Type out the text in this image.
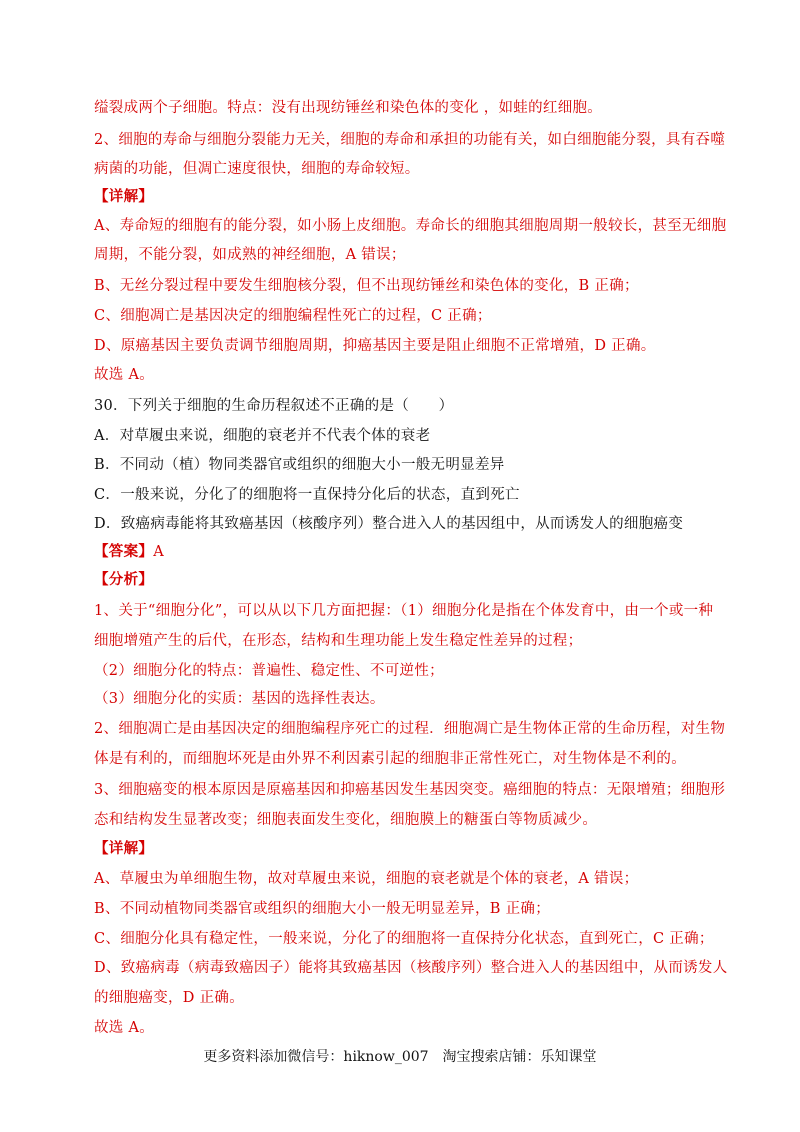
缢裂成两个子细胞。特点：没有出现纺锤丝和染色体的变化 ，如蛙的红细胞。
2、细胞的寿命与细胞分裂能力无关，细胞的寿命和承担的功能有关，如白细胞能分裂，具有吞噬
病菌的功能，但凋亡速度很快，细胞的寿命较短。
【详解】
A、寿命短的细胞有的能分裂，如小肠上皮细胞。寿命长的细胞其细胞周期一般较长，甚至无细胞
周期，不能分裂，如成熟的神经细胞，A 错误；
B、无丝分裂过程中要发生细胞核分裂，但不出现纺锤丝和染色体的变化，B 正确；
C、细胞凋亡是基因决定的细胞编程性死亡的过程，C 正确；
D、原癌基因主要负责调节细胞周期，抑癌基因主要是阻止细胞不正常增殖，D 正确。
故选 A。
30．下列关于细胞的生命历程叙述不正确的是（　　）
A．对草履虫来说，细胞的衰老并不代表个体的衰老
B．不同动（植）物同类器官或组织的细胞大小一般无明显差异
C．一般来说，分化了的细胞将一直保持分化后的状态，直到死亡
D．致癌病毒能将其致癌基因（核酸序列）整合进入人的基因组中，从而诱发人的细胞癌变
【答案】A
【分析】
1、关于“细胞分化”，可以从以下几方面把握：（1）细胞分化是指在个体发育中，由一个或一种
细胞增殖产生的后代，在形态，结构和生理功能上发生稳定性差异的过程；
（2）细胞分化的特点：普遍性、稳定性、不可逆性；
（3）细胞分化的实质：基因的选择性表达。
2、细胞凋亡是由基因决定的细胞编程序死亡的过程．细胞凋亡是生物体正常的生命历程，对生物
体是有利的，而细胞坏死是由外界不利因素引起的细胞非正常性死亡，对生物体是不利的。
3、细胞癌变的根本原因是原癌基因和抑癌基因发生基因突变。癌细胞的特点：无限增殖；细胞形
态和结构发生显著改变；细胞表面发生变化，细胞膜上的糖蛋白等物质减少。
【详解】
A、草履虫为单细胞生物，故对草履虫来说，细胞的衰老就是个体的衰老，A 错误；
B、不同动植物同类器官或组织的细胞大小一般无明显差异，B 正确；
C、细胞分化具有稳定性，一般来说，分化了的细胞将一直保持分化状态，直到死亡，C 正确；
D、致癌病毒（病毒致癌因子）能将其致癌基因（核酸序列）整合进入人的基因组中，从而诱发人
的细胞癌变，D 正确。
故选 A。
更多资料添加微信号：hiknow_007　淘宝搜索店铺：乐知课堂
